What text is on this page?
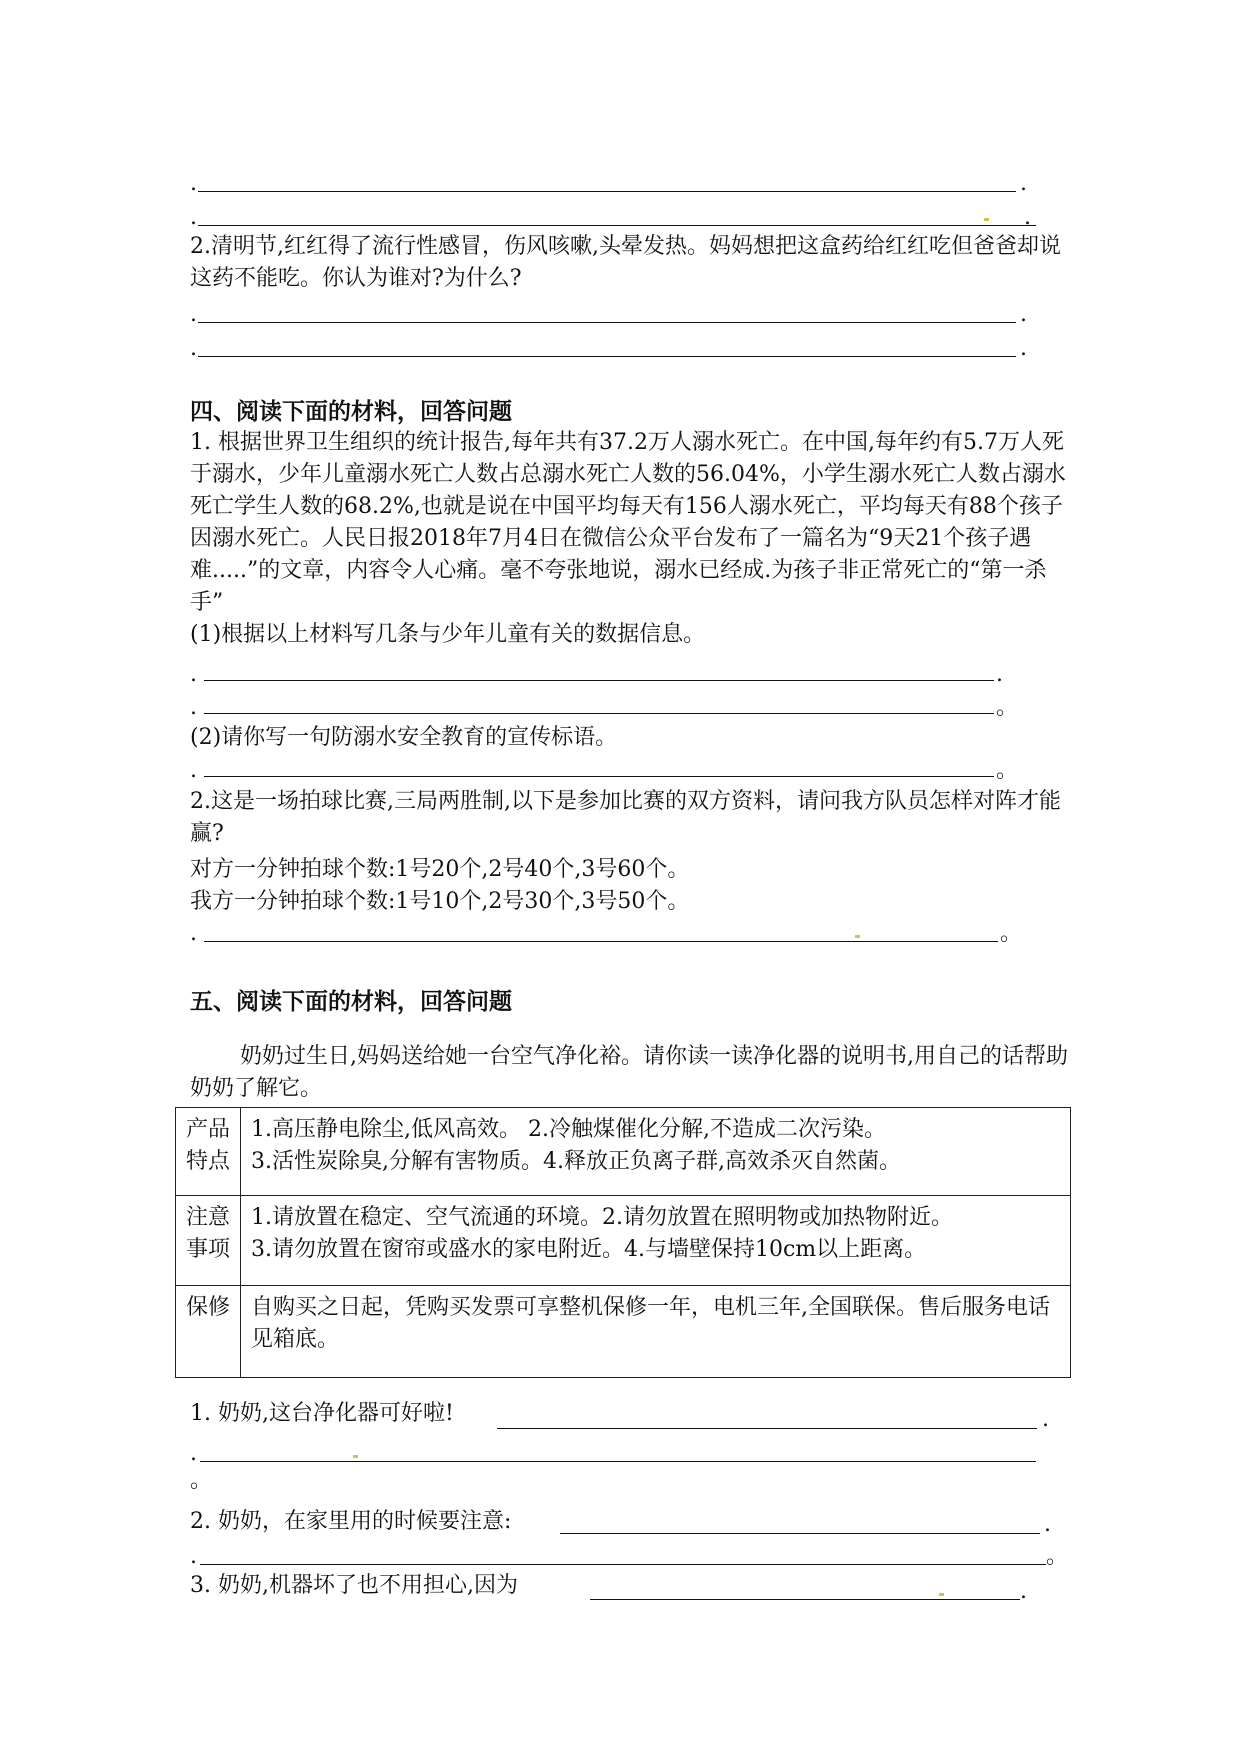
.	.
.	.
2.清明节,红红得了流行性感冒，伤风咳嗽,头晕发热。妈妈想把这盒药给红红吃但爸爸却说这药不能吃。你认为谁对?为什么?
.	.
.	.
四、阅读下面的材料，回答问题
1. 根据世界卫生组织的统计报告,每年共有37.2万人溺水死亡。在中国,每年约有5.7万人死于溺水，少年儿童溺水死亡人数占总溺水死亡人数的56.04%，小学生溺水死亡人数占溺水死亡学生人数的68.2%,也就是说在中国平均每天有156人溺水死亡，平均每天有88个孩子因溺水死亡。人民日报2018年7月4日在微信公众平台发布了一篇名为“9天21个孩子遇难.....”的文章，内容令人心痛。毫不夸张地说，溺水已经成.为孩子非正常死亡的“第一杀手”
(1)根据以上材料写几条与少年儿童有关的数据信息。
.	.
.	。
(2)请你写一句防溺水安全教育的宣传标语。
.	。
2.这是一场拍球比赛,三局两胜制,以下是参加比赛的双方资料，请问我方队员怎样对阵才能赢?
对方一分钟拍球个数:1号20个,2号40个,3号60个。
我方一分钟拍球个数:1号10个,2号30个,3号50个。
.	。
五、阅读下面的材料，回答问题
奶奶过生日,妈妈送给她一台空气净化裕。请你读一读净化器的说明书,用自己的话帮助奶奶了解它。
产品特点	1.高压静电除尘,低风高效。 2.冷触煤催化分解,不造成二次污染。
3.活性炭除臭,分解有害物质。4.释放正负离子群,高效杀灭自然菌。

注意事项	1.请放置在稳定、空气流通的环境。2.请勿放置在照明物或加热物附近。
3.请勿放置在窗帘或盛水的家电附近。4.与墙壁保持10cm以上距离。

保修	自购买之日起，凭购买发票可享整机保修一年，电机三年,全国联保。售后服务电话见箱底。
1. 奶奶,这台净化器可好啦!	.
.
。
2. 奶奶，在家里用的时候要注意:	.
.	。
3. 奶奶,机器坏了也不用担心,因为	.
